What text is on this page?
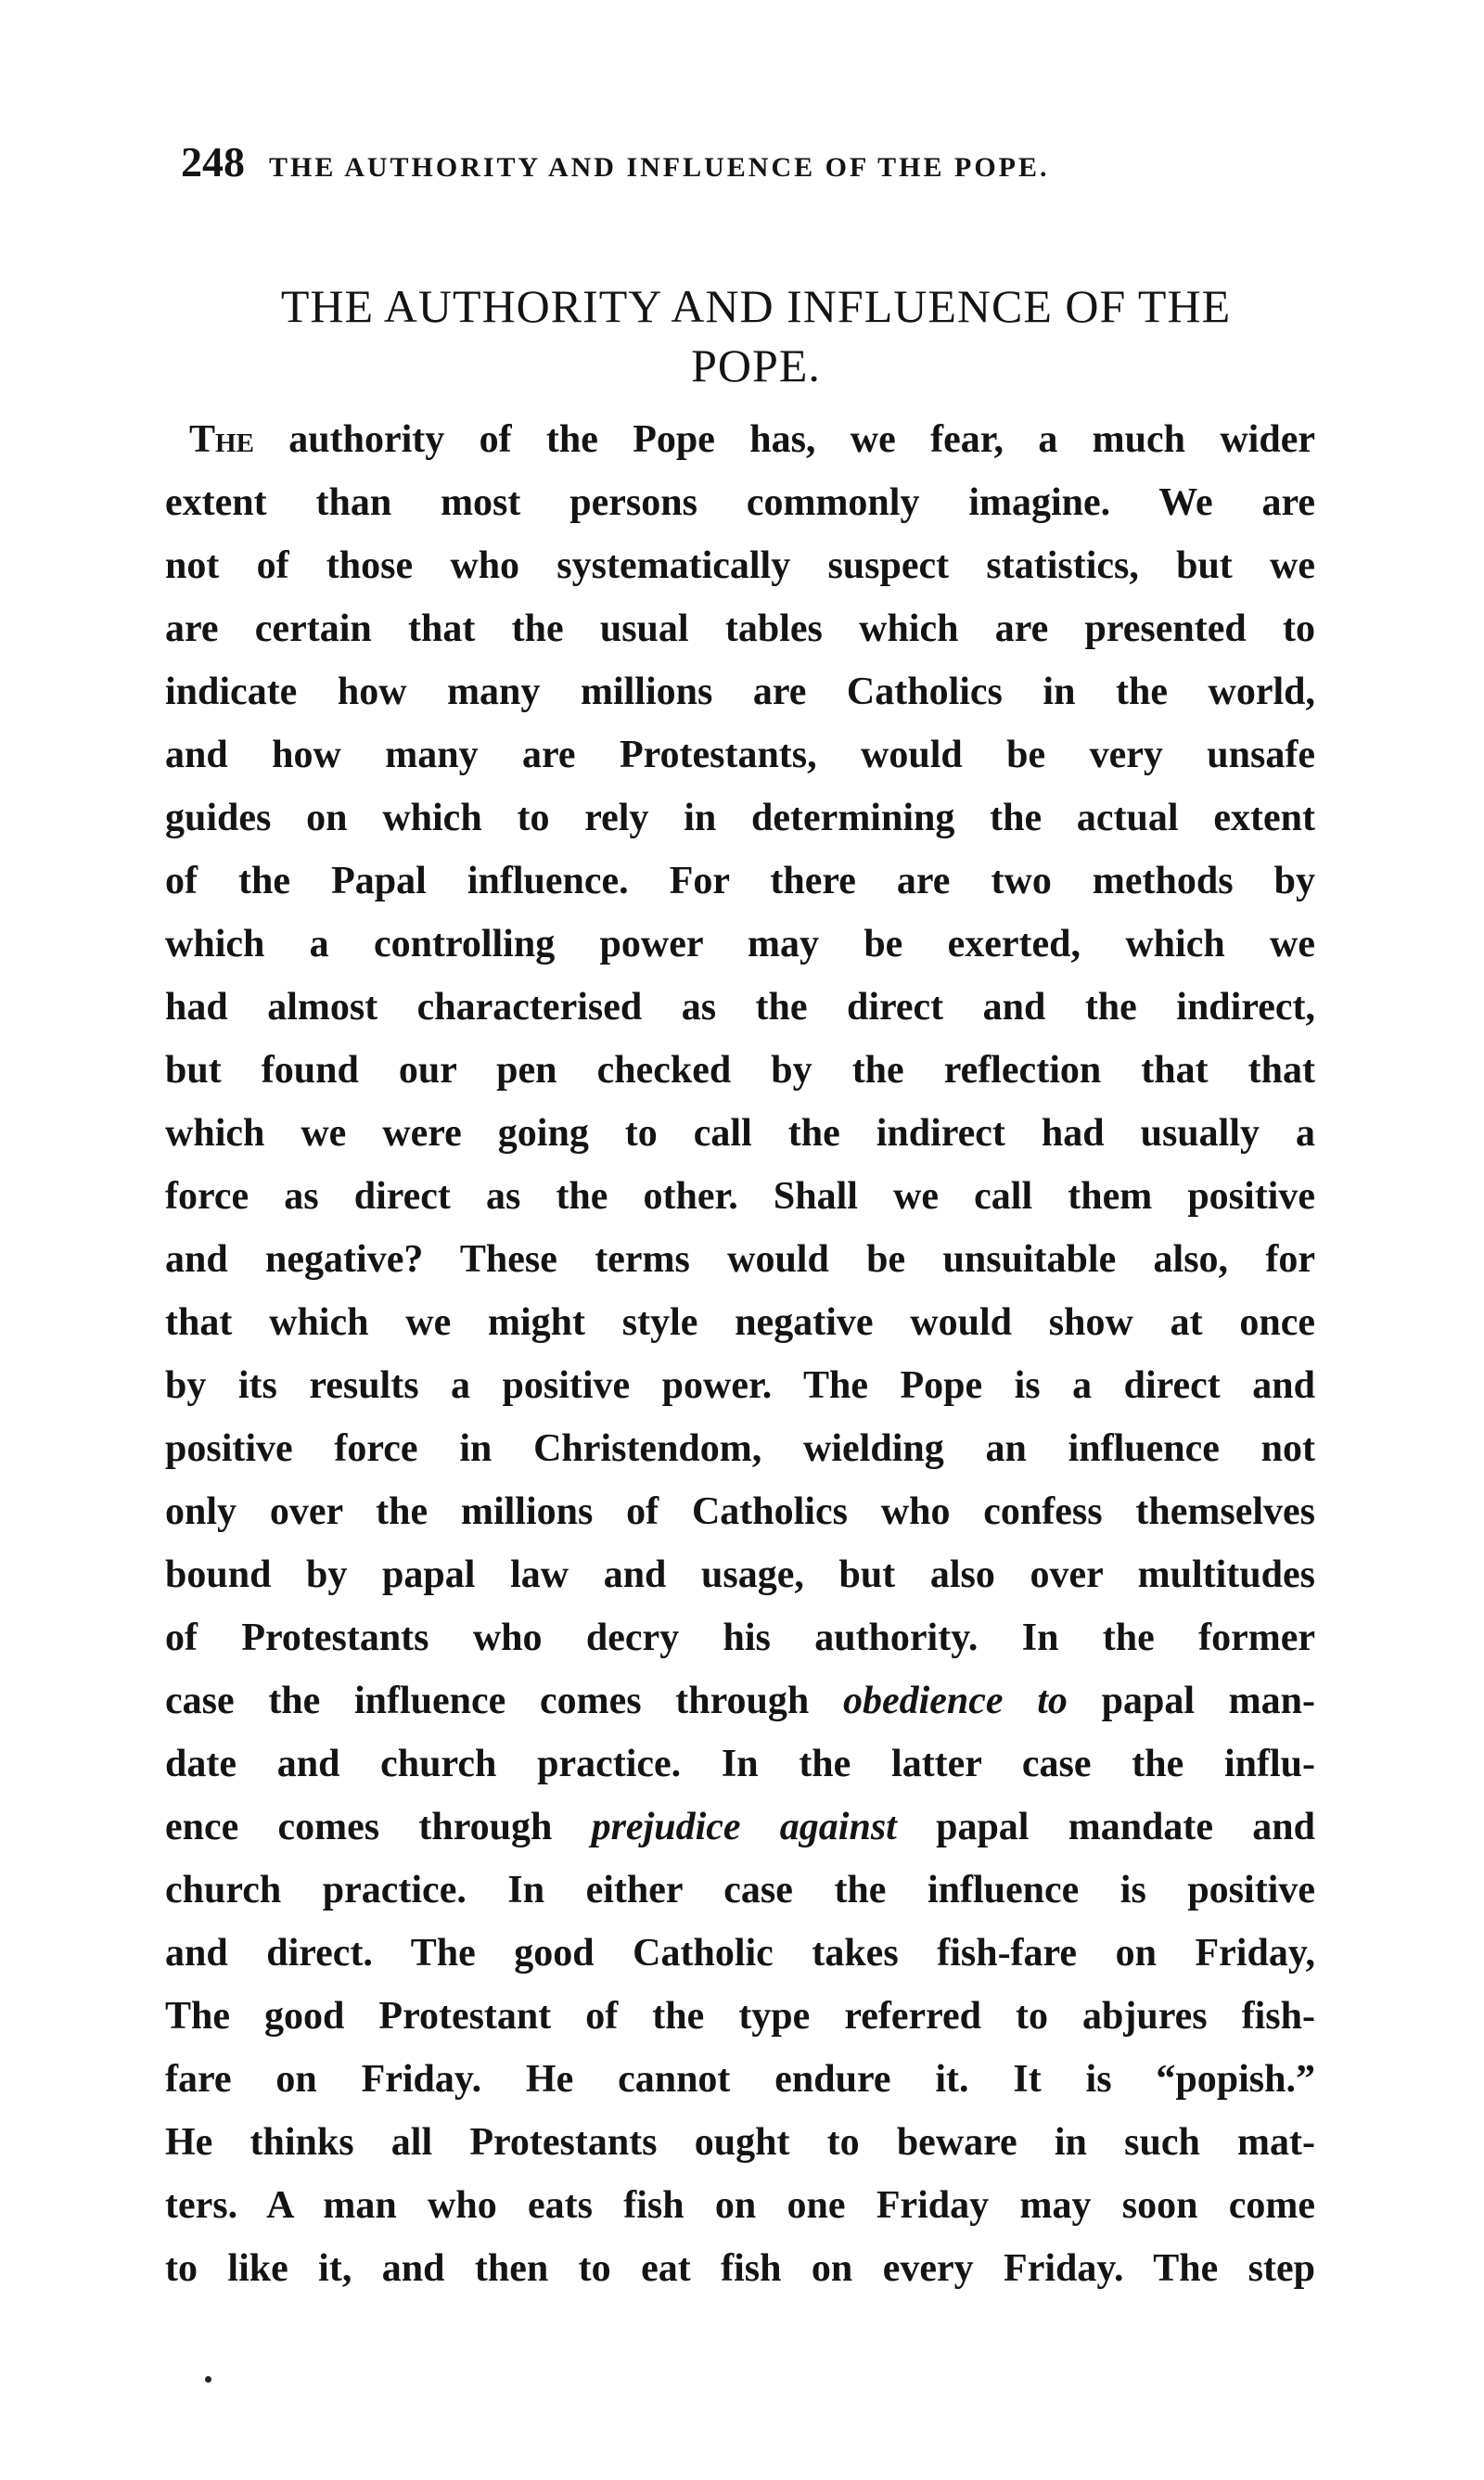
248 THE AUTHORITY AND INFLUENCE OF THE POPE.
THE AUTHORITY AND INFLUENCE OF THE
POPE.
The authority of the Pope has, we fear, a much wider
extent than most persons commonly imagine. We are
not of those who systematically suspect statistics, but we
are certain that the usual tables which are presented to
indicate how many millions are Catholics in the world,
and how many are Protestants, would be very unsafe
guides on which to rely in determining the actual extent
of the Papal influence. For there are two methods by
which a controlling power may be exerted, which we
had almost characterised as the direct and the indirect,
but found our pen checked by the reflection that that
which we were going to call the indirect had usually a
force as direct as the other. Shall we call them positive
and negative? These terms would be unsuitable also, for
that which we might style negative would show at once
by its results a positive power. The Pope is a direct and
positive force in Christendom, wielding an influence not
only over the millions of Catholics who confess themselves
bound by papal law and usage, but also over multitudes
of Protestants who decry his authority. In the former
case the influence comes through obedience to papal man-
date and church practice. In the latter case the influ-
ence comes through prejudice against papal mandate and
church practice. In either case the influence is positive
and direct. The good Catholic takes fish-fare on Friday,
The good Protestant of the type referred to abjures fish-
fare on Friday. He cannot endure it. It is “popish.”
He thinks all Protestants ought to beware in such mat-
ters. A man who eats fish on one Friday may soon come
to like it, and then to eat fish on every Friday. The step
